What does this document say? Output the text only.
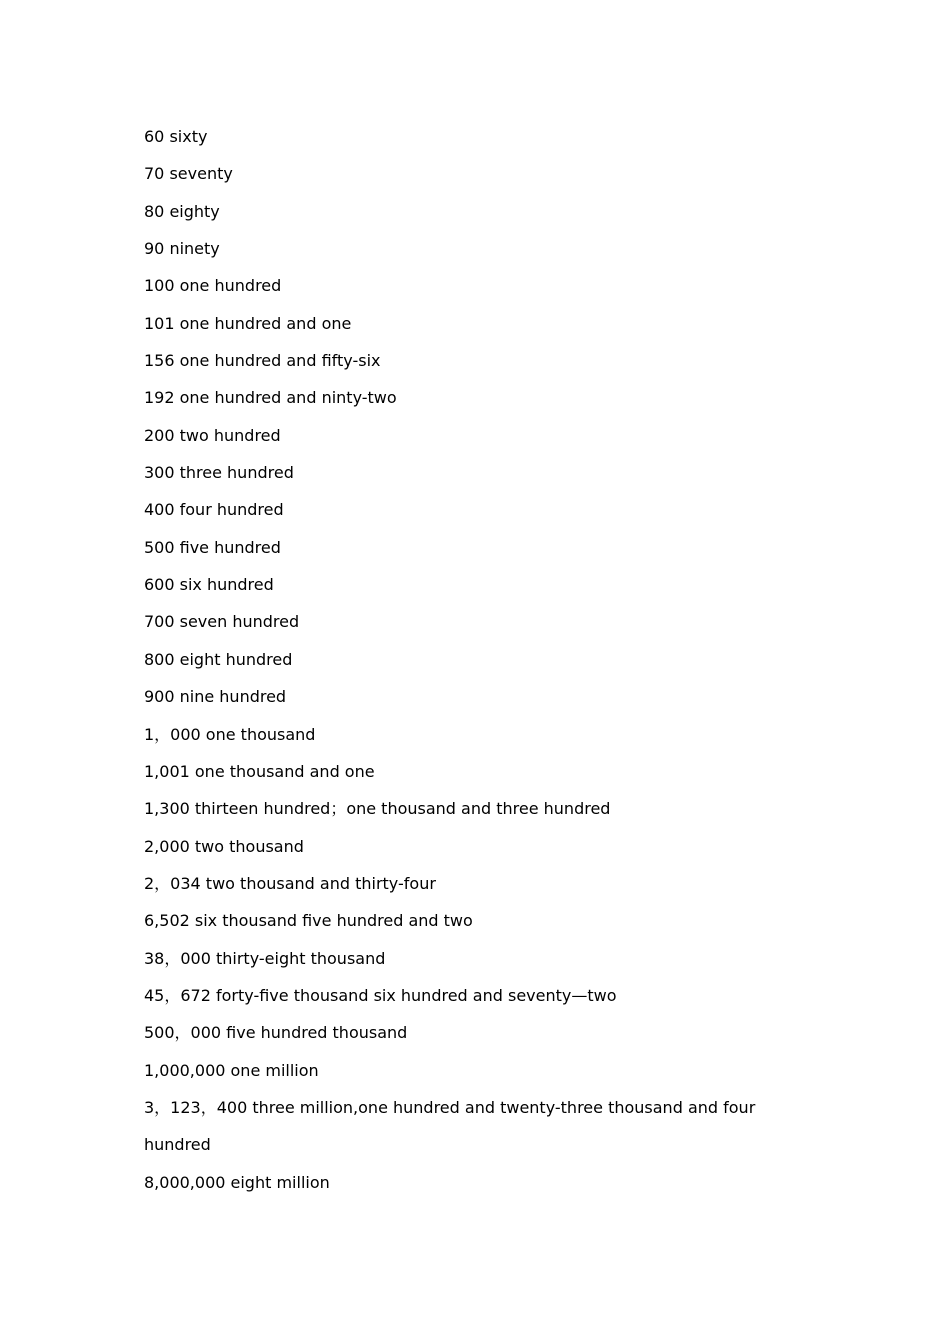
60 sixty
70 seventy
80 eighty
90 ninety
100 one hundred
101 one hundred and one
156 one hundred and fifty-six
192 one hundred and ninty-two
200 two hundred
300 three hundred
400 four hundred
500 five hundred
600 six hundred
700 seven hundred
800 eight hundred
900 nine hundred
1，000 one thousand
1,001 one thousand and one
1,300 thirteen hundred；one thousand and three hundred
2,000 two thousand
2，034 two thousand and thirty-four
6,502 six thousand five hundred and two
38，000 thirty-eight thousand
45，672 forty-five thousand six hundred and seventy—two
500，000 five hundred thousand
1,000,000 one million
3，123，400 three million,one hundred and twenty-three thousand and four
hundred
8,000,000 eight million
